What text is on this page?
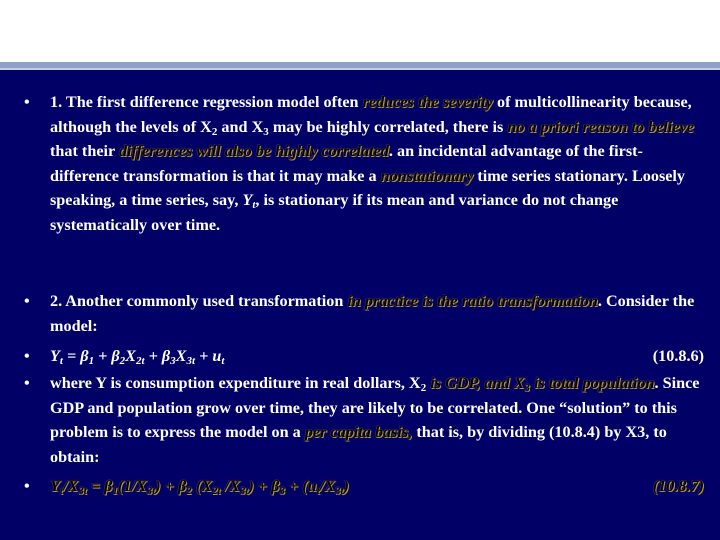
• 1. The first difference regression model often reduces the severity of multicollinearity because, although the levels of $X_2$ and $X_3$ may be highly correlated, there is no a priori reason to believe that their differences will also be highly correlated. an incidental advantage of the first-difference transformation is that it may make a nonstationary time series stationary. Loosely speaking, a time series, say, $Y_t$, is stationary if its mean and variance do not change systematically over time.
• 2. Another commonly used transformation in practice is the ratio transformation. Consider the model:
• $Y_t = \beta_1 + \beta_2X_{2t} + \beta_3X_{3t} + u_t$	(10.8.6)
• where Y is consumption expenditure in real dollars, $X_2$ is GDP, and $X_3$ is total population. Since GDP and population grow over time, they are likely to be correlated. One “solution” to this problem is to express the model on a per capita basis, that is, by dividing (10.8.4) by X3, to obtain:
• $Y_t/X_{3t} = \beta_1(1/X_{3t}) + \beta_2$ ($X_{2t}$ $/X_{3t}) + \beta_3 + (u_t/X_{3t})$	(10.8.7)
